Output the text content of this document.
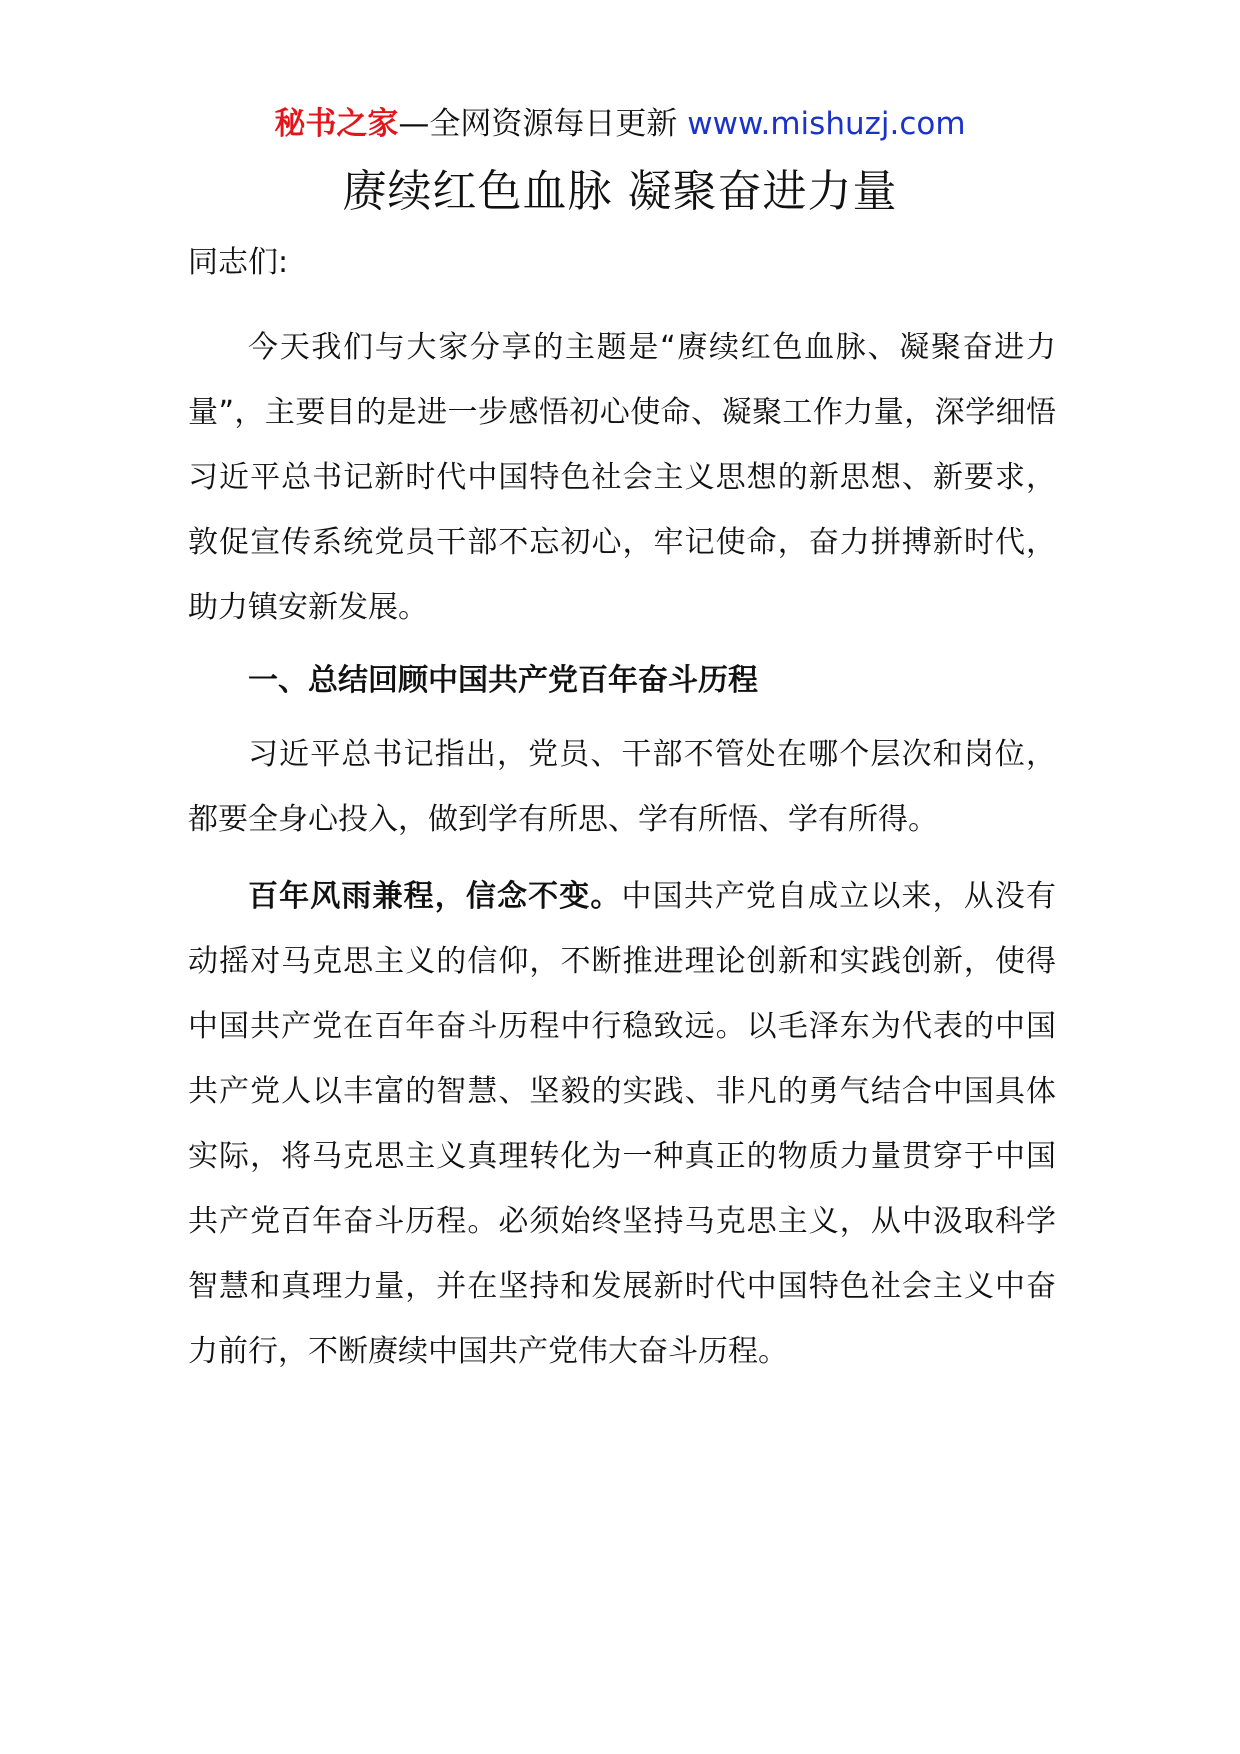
秘书之家—全网资源每日更新 www.mishuzj.com
赓续红色血脉 凝聚奋进力量

同志们:

今天我们与大家分享的主题是“赓续红色血脉、凝聚奋进力量”，主要目的是进一步感悟初心使命、凝聚工作力量，深学细悟习近平总书记新时代中国特色社会主义思想的新思想、新要求，敦促宣传系统党员干部不忘初心，牢记使命，奋力拼搏新时代，助力镇安新发展。

一、总结回顾中国共产党百年奋斗历程

习近平总书记指出，党员、干部不管处在哪个层次和岗位，都要全身心投入，做到学有所思、学有所悟、学有所得。

百年风雨兼程，信念不变。中国共产党自成立以来，从没有动摇对马克思主义的信仰，不断推进理论创新和实践创新，使得中国共产党在百年奋斗历程中行稳致远。以毛泽东为代表的中国共产党人以丰富的智慧、坚毅的实践、非凡的勇气结合中国具体实际，将马克思主义真理转化为一种真正的物质力量贯穿于中国共产党百年奋斗历程。必须始终坚持马克思主义，从中汲取科学智慧和真理力量，并在坚持和发展新时代中国特色社会主义中奋力前行，不断赓续中国共产党伟大奋斗历程。
